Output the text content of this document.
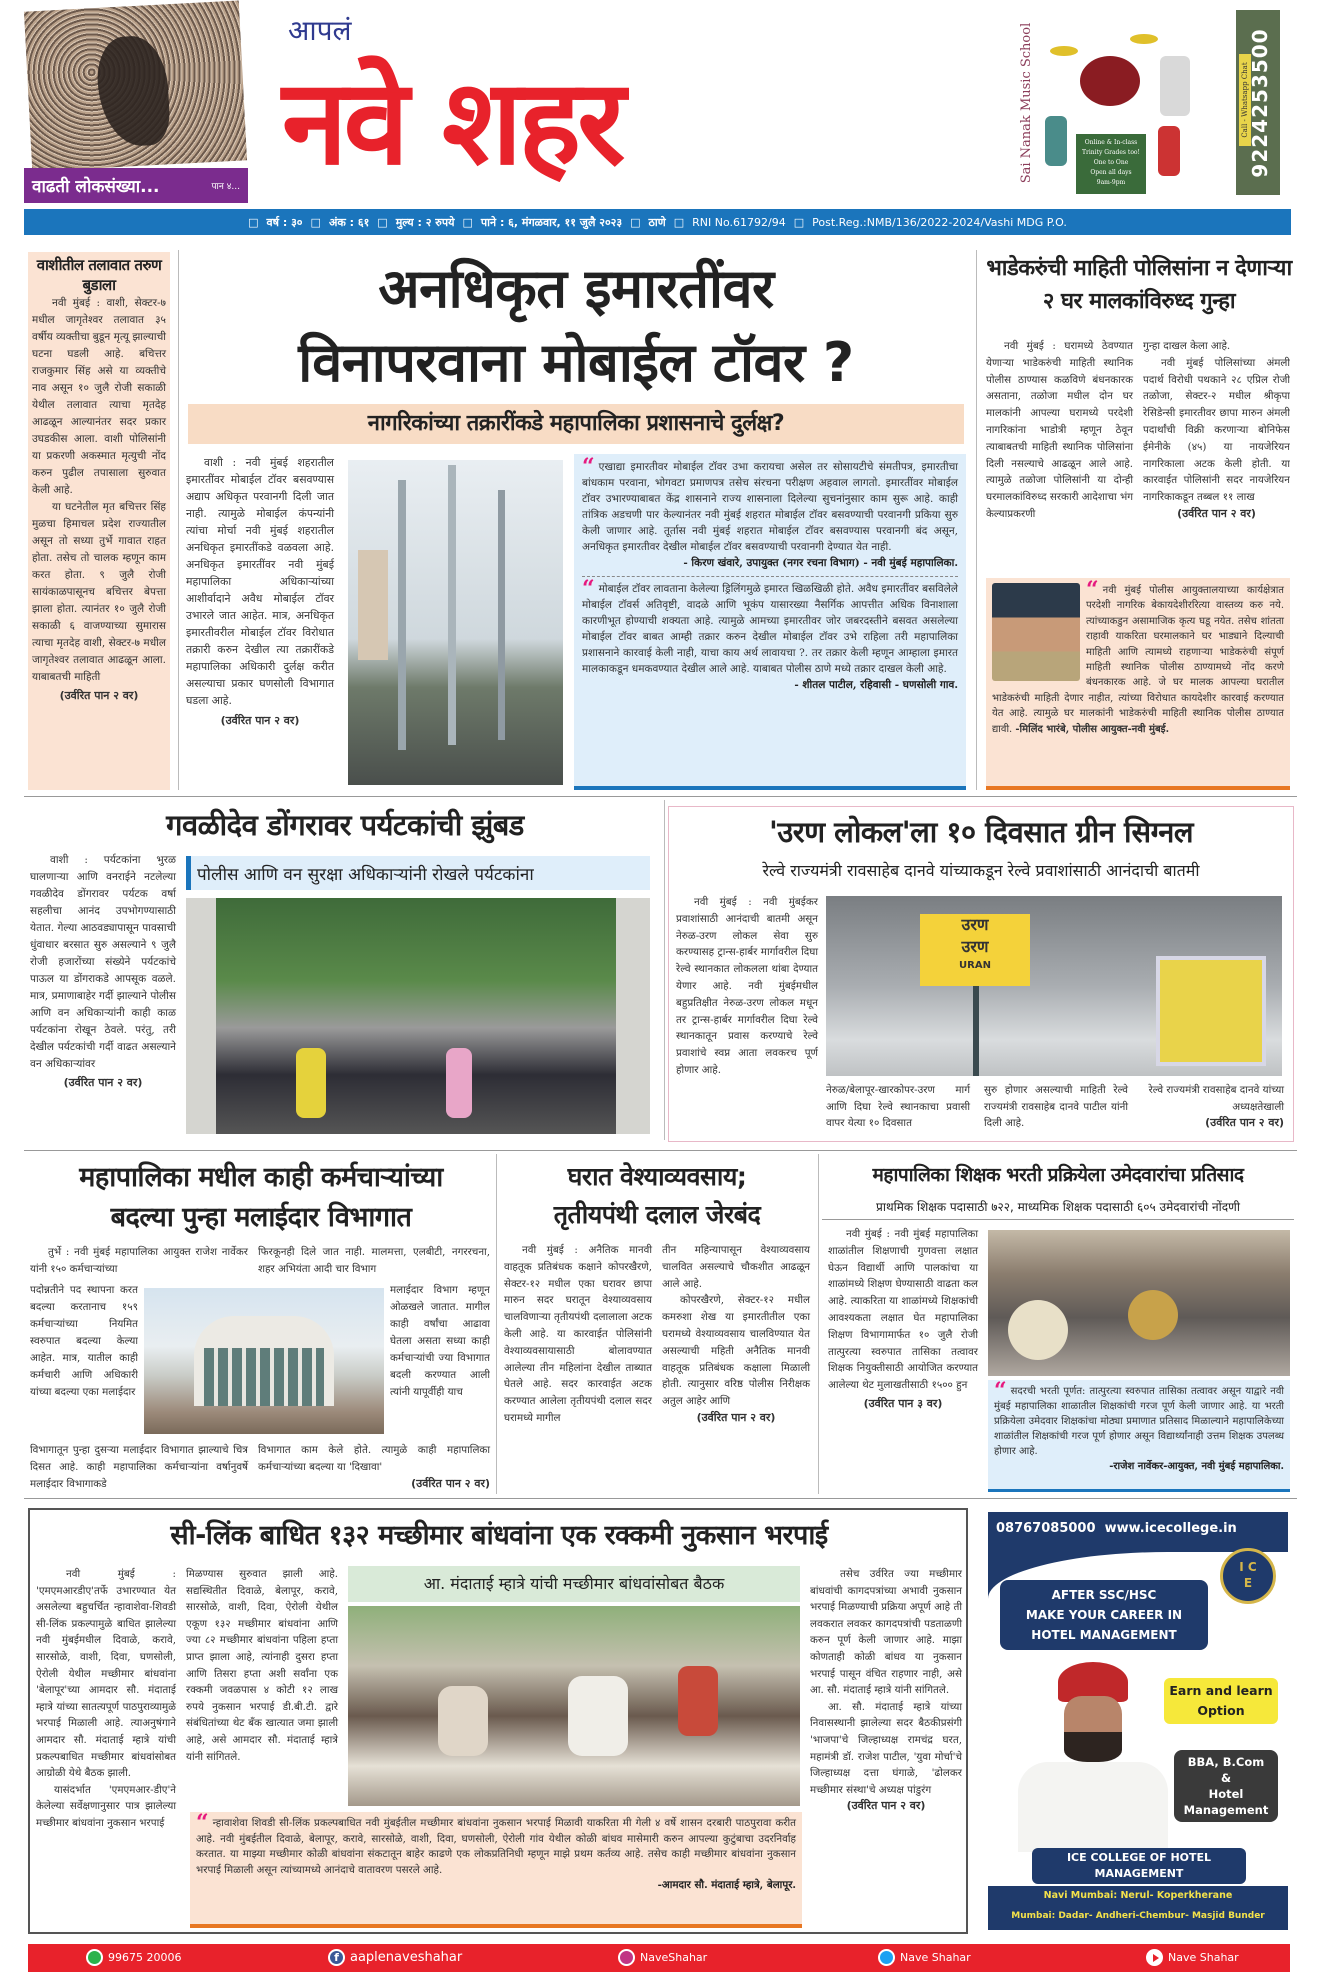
वाढती लोकसंख्या...	पान ४...
आपलं
नवे शहर	Sai Nanak Music School	Online & In-class
Trinity Grades too!
One to One
Open all days
9am-9pm
Call - Whatsapp Chat 9224253500
□ वर्ष : ३० □ अंक : ६१ □ मुल्य : २ रुपये □ पाने : ६, मंगळवार, ११ जुलै २०२३ □ ठाणे □ RNI No.61792/94 □ Post.Reg.:NMB/136/2022-2024/Vashi MDG P.O.
वाशीतील तलावात तरुण बुडाला

नवी मुंबई : वाशी, सेक्टर-७ मधील जागृतेश्वर तलावात ३५ वर्षीय व्यक्तीचा बुडून मृत्यू झाल्याची घटना घडली आहे. बचित्तर राजकुमार सिंह असे या व्यक्तीचे नाव असून १० जुलै रोजी सकाळी येथील तलावात त्याचा मृतदेह आढळून आल्यानंतर सदर प्रकार उघडकीस आला. वाशी पोलिसांनी या प्रकरणी अकस्मात मृत्युची नोंद करुन पुढील तपासाला सुरुवात केली आहे.

या घटनेतील मृत बचित्तर सिंह मुळचा हिमाचल प्रदेश राज्यातील असून तो सध्या तुर्भे गावात राहत होता. तसेच तो चालक म्हणून काम करत होता. ९ जुलै रोजी सायंकाळपासूनच बचित्तर बेपत्ता झाला होता. त्यानंतर १० जुलै रोजी सकाळी ६ वाजण्याच्या सुमारास त्याचा मृतदेह वाशी, सेक्टर-७ मधील जागृतेश्वर तलावात आढळून आला. याबाबतची माहिती

(उर्वरित पान २ वर)
अनधिकृत इमारतींवर
विनापरवाना मोबाईल टॉवर ?
नागरिकांच्या तक्रारींकडे महापालिका प्रशासनाचे दुर्लक्ष?

वाशी : नवी मुंबई शहरातील इमारतींवर मोबाईल टॉवर बसवण्यास अद्याप अधिकृत परवानगी दिली जात नाही. त्यामुळे मोबाईल कंपन्यांनी त्यांचा मोर्चा नवी मुंबई शहरातील अनधिकृत इमारतींकडे वळवला आहे. अनधिकृत इमारतींवर नवी मुंबई महापालिका अधिकाऱ्यांच्या आशीर्वादाने अवैध मोबाईल टॉवर उभारले जात आहेत. मात्र, अनधिकृत इमारतीवरील मोबाईल टॉवर विरोधात तक्रारी करुन देखील त्या तक्रारींकडे महापालिका अधिकारी दुर्लक्ष करीत असल्याचा प्रकार घणसोली विभागात घडला आहे.

(उर्वरित पान २ वर)

“ एखाद्या इमारतीवर मोबाईल टॉवर उभा करायचा असेल तर सोसायटीचे संमतीपत्र, इमारतीचा बांधकाम परवाना, भोगवटा प्रमाणपत्र तसेच संरचना परीक्षण अहवाल लागतो. इमारतींवर मोबाईल टॉवर उभारण्याबाबत केंद्र शासनाने राज्य शासनाला दिलेल्या सुचनांनुसार काम सुरू आहे. काही तांत्रिक अडचणी पार केल्यानंतर नवी मुंबई शहरात मोबाईल टॉवर बसवण्याची परवानगी प्रकिया सुरु केली जाणार आहे. तूर्तास नवी मुंबई शहरात मोबाईल टॉवर बसवण्यास परवानगी बंद असून, अनधिकृत इमारतीवर देखील मोबाईल टॉवर बसवण्याची परवानगी देण्यात येत नाही.

- किरण खंवारे, उपायुक्त (नगर रचना विभाग) - नवी मुंबई महापालिका.

“ मोबाईल टॉवर लावताना केलेल्या ड्रिलिंगमुळे इमारत खिळखिळी होते. अवैध इमारतींवर बसविलेले मोबाईल टॉवर्स अतिवृष्टी, वादळे आणि भूकंप यासारख्या नैसर्गिक आपत्तीत अधिक विनाशाला कारणीभूत होण्याची शक्यता आहे. त्यामुळे आमच्या इमारतीवर जोर जबरदस्तीने बसवत असलेल्या मोबाईल टॉवर बाबत आम्ही तक्रार करुन देखील मोबाईल टॉवर उभे राहिला तरी महापालिका प्रशासनाने कारवाई केली नाही, याचा काय अर्थ लावायचा ?. तर तक्रार केली म्हणून आम्हाला इमारत मालकाकडून धमकवण्यात देखील आले आहे. याबाबत पोलीस ठाणे मध्ये तक्रार दाखल केली आहे.

- शीतल पाटील, रहिवासी - घणसोली गाव.
भाडेकरुंची माहिती पोलिसांना न देणाऱ्या २ घर मालकांविरुध्द गुन्हा

नवी मुंबई : घरामध्ये ठेवण्यात येणाऱ्या भाडेकरुंची माहिती स्थानिक पोलीस ठाण्यास कळविणे बंधनकारक असताना, तळोजा मधील दोन घर मालकांनी आपल्या घरामध्ये परदेशी नागरिकांना भाडोत्री म्हणून ठेवून त्याबाबतची माहिती स्थानिक पोलिसांना दिली नसल्याचे आढळून आले आहे. त्यामुळे तळोजा पोलिसांनी या दोन्ही घरमालकांविरुध्द सरकारी आदेशाचा भंग केल्याप्रकरणी

गुन्हा दाखल केला आहे.

नवी मुंबई पोलिसांच्या अंमली पदार्थ विरोधी पथकाने २८ एप्रिल रोजी तळोजा, सेक्टर-२ मधील श्रीकृपा रेसिडेन्सी इमारतीवर छापा मारुन अंमली पदार्थांची विक्री करणाऱ्या बोनिफेस ईमेनीके (४५) या नायजेरियन नागरिकाला अटक केली होती. या कारवाईत पोलिसांनी सदर नायजेरियन नागरिकाकडून तब्बल ११ लाख

(उर्वरित पान २ वर)

“ नवी मुंबई पोलीस आयुक्तालयाच्या कार्यक्षेत्रात परदेशी नागरिक बेकायदेशीररित्या वास्तव्य करु नये. त्यांच्याकडुन असामाजिक कृत्य घडू नयेत. तसेच शांतता राहावी याकरिता घरमालकाने घर भाड्याने दिल्याची माहिती आणि त्यामध्ये राहणाऱ्या भाडेकरुंची संपूर्ण माहिती स्थानिक पोलीस ठाण्यामध्ये नोंद करणे बंधनकारक आहे. जे घर मालक आपल्या घरातील भाडेकरुंची माहिती देणार नाहीत, त्यांच्या विरोधात कायदेशीर कारवाई करण्यात येत आहे. त्यामुळे घर मालकांनी भाडेकरुंची माहिती स्थानिक पोलीस ठाण्यात द्यावी. -मिलिंद भारंबे, पोलीस आयुक्त-नवी मुंबई.

गवळीदेव डोंगरावर पर्यटकांची झुंबड

वाशी : पर्यटकांना भुरळ घालणाऱ्या आणि वनराईने नटलेल्या गवळीदेव डोंगरावर पर्यटक वर्षा सहलीचा आनंद उपभोगण्यासाठी येतात. गेल्या आठवड्यापासून पावसाची धुंवाधार बरसात सुरु असल्याने ९ जुलै रोजी हजारोंच्या संख्येने पर्यटकांचे पाऊल या डोंगराकडे आपसूक वळले. मात्र, प्रमाणाबाहेर गर्दी झाल्याने पोलीस आणि वन अधिकाऱ्यांनी काही काळ पर्यटकांना रोखून ठेवले. परंतु, तरी देखील पर्यटकांची गर्दी वाढत असल्याने वन अधिकाऱ्यांवर

(उर्वरित पान २ वर)
पोलीस आणि वन सुरक्षा अधिकाऱ्यांनी रोखले पर्यटकांना
'उरण लोकल'ला १० दिवसात ग्रीन सिग्नल
रेल्वे राज्यमंत्री रावसाहेब दानवे यांच्याकडून रेल्वे प्रवाशांसाठी आनंदाची बातमी

नवी मुंबई : नवी मुंबईकर प्रवाशांसाठी आनंदाची बातमी असून नेरुळ-उरण लोकल सेवा सुरु करण्यासह ट्रान्स-हार्बर मार्गावरील दिघा रेल्वे स्थानकात लोकलला थांबा देण्यात येणार आहे. नवी मुंबईमधील बहुप्रतिक्षीत नेरुळ-उरण लोकल मधून तर ट्रान्स-हार्बर मार्गावरील दिघा रेल्वे स्थानकातून प्रवास करण्याचे रेल्वे प्रवाशांचे स्वप्न आता लवकरच पूर्ण होणार आहे.

उरण
उरण
URAN

नेरुळ/बेलापूर-खारकोपर-उरण मार्ग आणि दिघा रेल्वे स्थानकाचा प्रवासी वापर येत्या १० दिवसात

सुरु होणार असल्याची माहिती रेल्वे राज्यमंत्री रावसाहेब दानवे पाटील यांनी दिली आहे.

रेल्वे राज्यमंत्री रावसाहेब दानवे यांच्या अध्यक्षतेखाली

(उर्वरित पान २ वर)
महापालिका मधील काही कर्मचाऱ्यांच्या
बदल्या पुन्हा मलाईदार विभागात

तुर्भे : नवी मुंबई महापालिका आयुक्त राजेश नार्वेकर यांनी १५० कर्मचाऱ्यांच्या

फिरकूनही दिले जात नाही. मालमत्ता, एलबीटी, नगररचना, शहर अभियंता आदी चार विभाग

पदोन्नतीने पद स्थापना करत बदल्या करतानाच १५९ कर्मचाऱ्यांच्या नियमित स्वरुपात बदल्या केल्या आहेत. मात्र, यातील काही कर्मचारी आणि अधिकारी यांच्या बदल्या एका मलाईदार

मलाईदार विभाग म्हणून ओळखले जातात. मागील काही वर्षांचा आढावा घेतला असता सध्या काही कर्मचाऱ्यांची ज्या विभागात बदली करण्यात आली त्यांनी यापूर्वीही याच

विभागातून पुन्हा दुसऱ्या मलाईदार विभागात झाल्याचे चित्र दिसत आहे. काही महापालिका कर्मचाऱ्यांना वर्षानुवर्षे मलाईदार विभागाकडे

विभागात काम केले होते. त्यामुळे काही महापालिका कर्मचाऱ्यांच्या बदल्या या 'दिखावा'

(उर्वरित पान २ वर)
घरात वेश्याव्यवसाय;
तृतीयपंथी दलाल जेरबंद

नवी मुंबई : अनैतिक मानवी वाहतूक प्रतिबंधक कक्षाने कोपरखैरणे, सेक्टर-१२ मधील एका घरावर छापा मारुन सदर घरातून वेश्याव्यवसाय चालविणाऱ्या तृतीयपंथी दलालाला अटक केली आहे. या कारवाईत पोलिसांनी वेश्याव्यवसायासाठी बोलावण्यात आलेल्या तीन महिलांना देखील ताब्यात घेतले आहे. सदर कारवाईत अटक करण्यात आलेला तृतीयपंथी दलाल सदर घरामध्ये मागील

तीन महिन्यापासून वेश्याव्यवसाय चालवित असल्याचे चौकशीत आढळून आले आहे.

कोपरखैरणे, सेक्टर-१२ मधील कमरुशा शेख या इमारतीतील एका घरामध्ये वेश्याव्यवसाय चालविण्यात येत असल्याची महिती अनैतिक मानवी वाहतूक प्रतिबंधक कक्षाला मिळाली होती. त्यानुसार वरिष्ठ पोलीस निरीक्षक अतुल आहेर आणि

(उर्वरित पान २ वर)
महापालिका शिक्षक भरती प्रक्रियेला उमेदवारांचा प्रतिसाद
प्राथमिक शिक्षक पदासाठी ७२२, माध्यमिक शिक्षक पदासाठी ६०५ उमेदवारांची नोंदणी

नवी मुंबई : नवी मुंबई महापालिका शाळांतील शिक्षणाची गुणवत्ता लक्षात घेऊन विद्यार्थी आणि पालकांचा या शाळांमध्ये शिक्षण घेण्यासाठी वाढता कल आहे. त्याकरिता या शाळांमध्ये शिक्षकांची आवश्यकता लक्षात घेत महापालिका शिक्षण विभागामार्फत १० जुलै रोजी तात्पुरत्या स्वरुपात तासिका तत्वावर शिक्षक नियुक्तीसाठी आयोजित करण्यात आलेल्या थेट मुलाखतीसाठी १५०० हुन

(उर्वरित पान ३ वर)	“ सदरची भरती पूर्णत: तात्पुरत्या स्वरुपात तासिका तत्वावर असून याद्वारे नवी मुंबई महापालिका शाळातील शिक्षकांची गरज पूर्ण केली जाणार आहे. या भरती प्रक्रियेला उमेदवार शिक्षकांचा मोठ्या प्रमाणात प्रतिसाद मिळाल्याने महापालिकेच्या शाळांतील शिक्षकांची गरज पूर्ण होणार असून विद्यार्थ्यांनाही उत्तम शिक्षक उपलब्ध होणार आहे.

-राजेश नार्वेकर-आयुक्त, नवी मुंबई महापालिका.
सी-लिंक बाधित १३२ मच्छीमार बांधवांना एक रक्कमी नुकसान भरपाई

नवी मुंबई : 'एमएमआरडीए'तर्फे उभारण्यात येत असलेल्या बहुचर्चित न्हावाशेवा-शिवडी सी-लिंक प्रकल्पामुळे बाधित झालेल्या नवी मुंबईमधील दिवाळे, करावे, सारसोळे, वाशी, दिवा, घणसोली, ऐरोली येथील मच्छीमार बांधवांना 'बेलापूर'च्या आमदार सौ. मंदाताई म्हात्रे यांच्या सातत्यपूर्ण पाठपुराव्यामुळे भरपाई मिळाली आहे. त्याअनुषंगाने आमदार सौ. मंदाताई म्हात्रे यांची प्रकल्पबाधित मच्छीमार बांधवांसोबत आग्रोळी येथे बैठक झाली.

यासंदर्भात 'एमएमआर-डीए'ने केलेल्या सर्वेक्षणानुसार पात्र झालेल्या मच्छीमार बांधवांना नुकसान भरपाई

मिळण्यास सुरुवात झाली आहे. सद्यस्थितीत दिवाळे, बेलापूर, करावे, सारसोळे, वाशी, दिवा, ऐरोली येथील एकूण १३२ मच्छीमार बांधवांना आणि ज्या ८२ मच्छीमार बांधवांना पहिला हप्ता प्राप्त झाला आहे, त्यांनाही दुसरा हप्ता आणि तिसरा हप्ता अशी सर्वांना एक रक्कमी जवळपास ४ कोटी १२ लाख रुपये नुकसान भरपाई डी.बी.टी. द्वारे संबंधितांच्या थेट बँक खात्यात जमा झाली आहे, असे आमदार सौ. मंदाताई म्हात्रे यांनी सांगितले.

आ. मंदाताई म्हात्रे यांची मच्छीमार बांधवांसोबत बैठक

“ न्हावाशेवा शिवडी सी-लिंक प्रकल्पबाधित नवी मुंबईतील मच्छीमार बांधवांना नुकसान भरपाई मिळावी याकरिता मी गेली ४ वर्षे शासन दरबारी पाठपुरावा करीत आहे. नवी मुंबईतील दिवाळे, बेलापूर, करावे, सारसोळे, वाशी, दिवा, घणसोली, ऐरोली गांव येथील कोळी बांधव मासेमारी करुन आपल्या कुटुंबाचा उदरनिर्वाह करतात. या माझ्या मच्छीमार कोळी बांधवांना संकटातून बाहेर काढणे एक लोकप्रतिनिधी म्हणून माझे प्रथम कर्तव्य आहे. तसेच काही मच्छीमार बांधवांना नुकसान भरपाई मिळाली असून त्यांच्यामध्ये आनंदाचे वातावरण पसरले आहे.

-आमदार सौ. मंदाताई म्हात्रे, बेलापूर.

तसेच उर्वरित ज्या मच्छीमार बांधवांची कागदपत्रांच्या अभावी नुकसान भरपाई मिळण्याची प्रक्रिया अपूर्ण आहे ती लवकरात लवकर कागदपत्रांची पडताळणी करुन पूर्ण केली जाणार आहे. माझा कोणताही कोळी बांधव या नुकसान भरपाई पासून वंचित राहणार नाही, असे आ. सौ. मंदाताई म्हात्रे यांनी सांगितले.

आ. सौ. मंदाताई म्हात्रे यांच्या निवासस्थानी झालेल्या सदर बैठकीप्रसंगी 'भाजपा'चे जिल्हाध्यक्ष रामचंद्र घरत, महामंत्री डॉ. राजेश पाटील, 'युवा मोर्चा'चे जिल्हाध्यक्ष दत्ता घंगाळे, 'ढोलकर मच्छीमार संस्था'चे अध्यक्ष पांडुरंग

(उर्वरित पान २ वर)
08767085000 www.icecollege.in
I C
E
AFTER SSC/HSC
MAKE YOUR CAREER IN
HOTEL MANAGEMENT
Earn and learn
Option
BBA, B.Com
&
Hotel
Management
ICE COLLEGE OF HOTEL
MANAGEMENT
Navi Mumbai: Nerul- Koperkherane
Mumbai: Dadar- Andheri-Chembur- Masjid Bunder
99675 20006	f aaplenaveshahar	NaveShahar	Nave Shahar	Nave Shahar
